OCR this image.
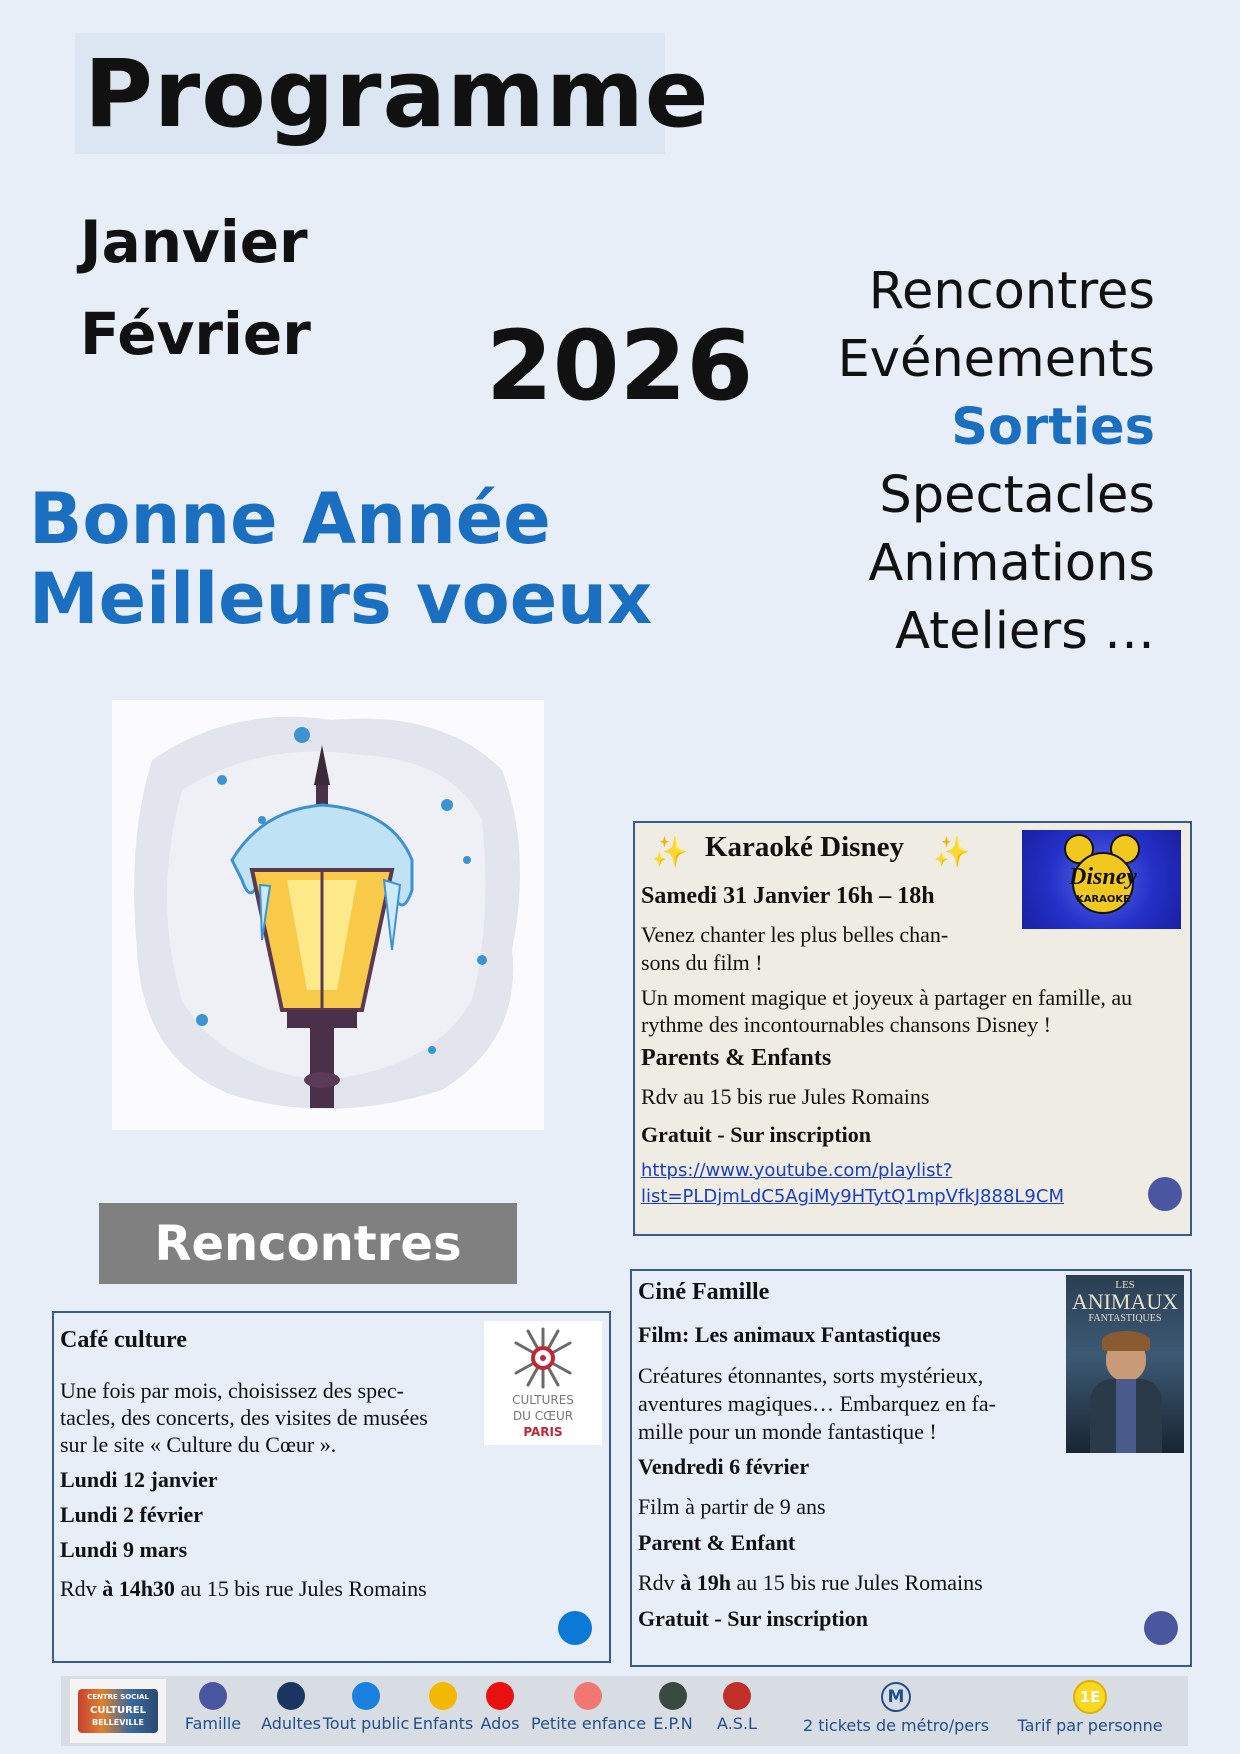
Programme
Janvier
Février 2026
Bonne Année
Meilleurs voeux
Rencontres
Evénements
Sorties
Spectacles
Animations
Ateliers …
✨ Karaoké Disney ✨
Disney
KARAOKE
Samedi 31 Janvier 16h – 18h
Venez chanter les plus belles chan-
sons du film !
Un moment magique et joyeux à partager en famille, au
rythme des incontournables chansons Disney !
Parents & Enfants
Rdv au 15 bis rue Jules Romains
Gratuit - Sur inscription
https://www.youtube.com/playlist?
list=PLDjmLdC5AgiMy9HTytQ1mpVfkJ888L9CM
Rencontres
Café culture
CULTURES
DU CŒUR
PARIS
Une fois par mois, choisissez des spec-
tacles, des concerts, des visites de musées
sur le site « Culture du Cœur ».
Lundi 12 janvier
Lundi 2 février
Lundi 9 mars
Rdv à 14h30 au 15 bis rue Jules Romains
Ciné Famille	LES
ANIMAUX
FANTASTIQUES
Film: Les animaux Fantastiques
Créatures étonnantes, sorts mystérieux,
aventures magiques… Embarquez en fa-
mille pour un monde fantastique !
Vendredi 6 février
Film à partir de 9 ans
Parent & Enfant
Rdv à 19h au 15 bis rue Jules Romains
Gratuit - Sur inscription
CENTRE SOCIAL
CULTUREL
BELLEVILLE	Famille	Adultes Tout public Enfants Ados Petite enfance E.P.N	A.S.L
M
2 tickets de métro/pers
1E
Tarif par personne
